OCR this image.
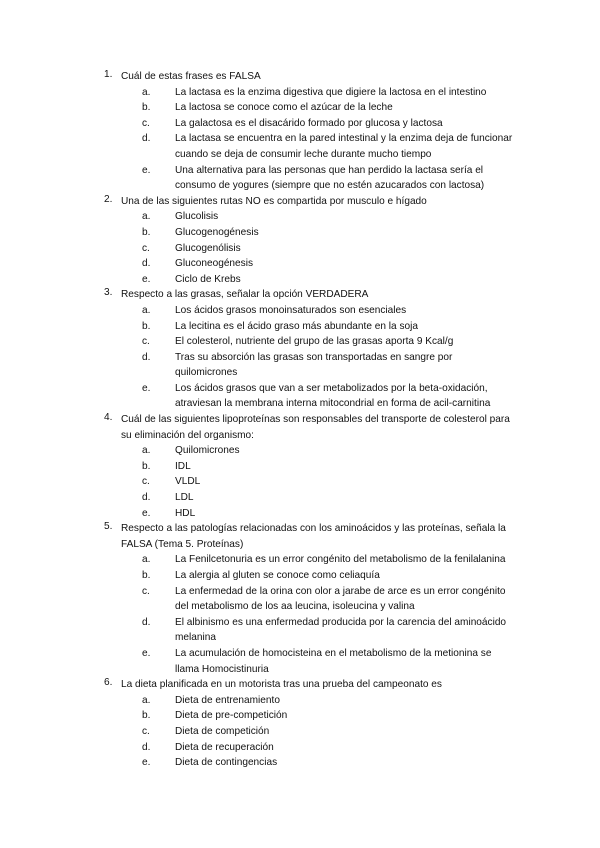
1. Cuál de estas frases es FALSA
a. La lactasa es la enzima digestiva que digiere la lactosa en el intestino
b. La lactosa se conoce como el azúcar de la leche
c. La galactosa es el disacárido formado por glucosa y lactosa
d. La lactasa se encuentra en la pared intestinal y la enzima deja de funcionar cuando se deja de consumir leche durante mucho tiempo
e. Una alternativa para las personas que han perdido la lactasa sería el consumo de yogures (siempre que no estén azucarados con lactosa)
2. Una de las siguientes rutas NO es compartida por musculo e hígado
a. Glucolisis
b. Glucogenogénesis
c. Glucogenólisis
d. Gluconeogénesis
e. Ciclo de Krebs
3. Respecto a las grasas, señalar la opción VERDADERA
a. Los ácidos grasos monoinsaturados son esenciales
b. La lecitina es el ácido graso más abundante en la soja
c. El colesterol, nutriente del grupo de las grasas aporta 9 Kcal/g
d. Tras su absorción las grasas son transportadas en sangre por quilomicrones
e. Los ácidos grasos que van a ser metabolizados por la beta-oxidación, atraviesan la membrana interna mitocondrial en forma de acil-carnitina
4. Cuál de las siguientes lipoproteínas son responsables del transporte de colesterol para su eliminación del organismo:
a. Quilomicrones
b. IDL
c. VLDL
d. LDL
e. HDL
5. Respecto a las patologías relacionadas con los aminoácidos y las proteínas, señala la FALSA (Tema 5. Proteínas)
a. La Fenilcetonuria es un error congénito del metabolismo de la fenilalanina
b. La alergia al gluten se conoce como celiaquía
c. La enfermedad de la orina con olor a jarabe de arce es un error congénito del metabolismo de los aa leucina, isoleucina y valina
d. El albinismo es una enfermedad producida por la carencia del aminoácido melanina
e. La acumulación de homocisteina en el metabolismo de la metionina se llama Homocistinuria
6. La dieta planificada en un motorista tras una prueba del campeonato es
a. Dieta de entrenamiento
b. Dieta de pre-competición
c. Dieta de competición
d. Dieta de recuperación
e. Dieta de contingencias
